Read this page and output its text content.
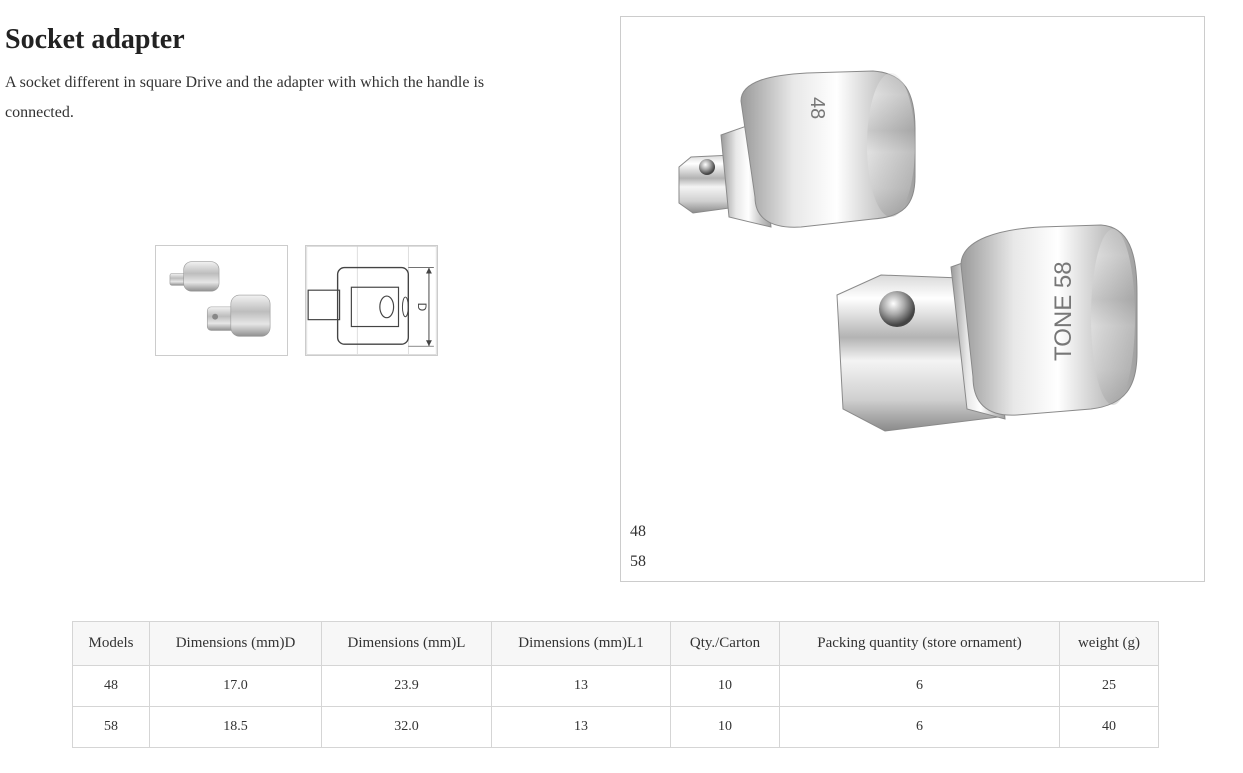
Socket adapter

A socket different in square Drive and the adapter with which the handle is connected.

D
48
TONE 58
48
58
Models	Dimensions (mm)D	Dimensions (mm)L	Dimensions (mm)L1	Qty./Carton	Packing quantity (store ornament)	weight (g)
48	17.0	23.9	13	10	6	25
58	18.5	32.0	13	10	6	40
